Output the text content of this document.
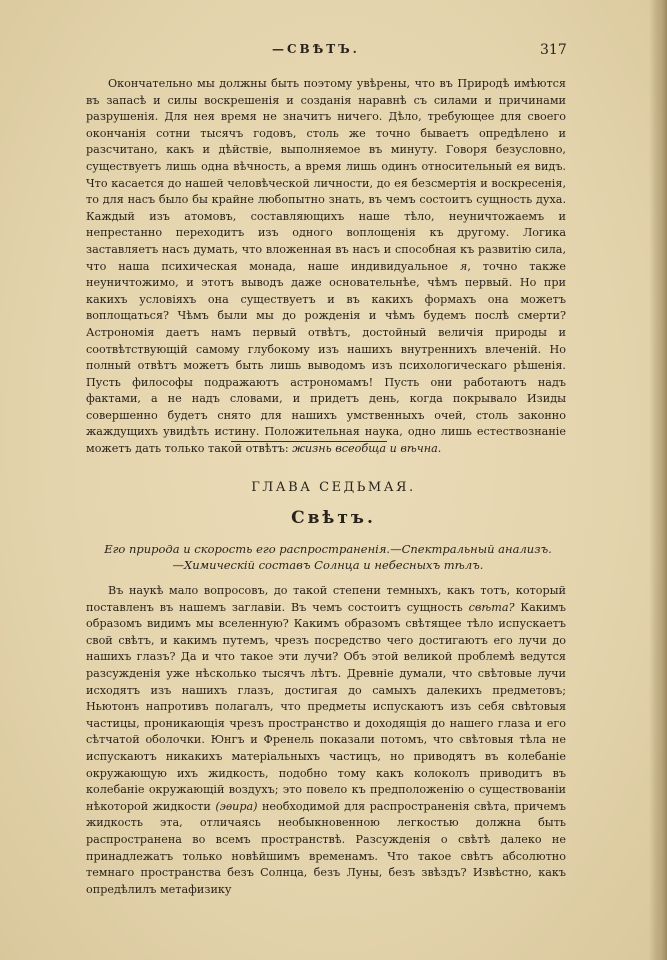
—СВѢТЪ.	317

Окончательно мы должны быть поэтому увѣрены, что въ Природѣ имѣются въ запасѣ и силы воскрешенія и созданія наравнѣ съ силами и причинами разрушенія. Для нея время не значитъ ничего. Дѣло, требующее для своего окончанія сотни тысячъ годовъ, столь же точно бываетъ опредѣлено и разсчитано, какъ и дѣйствіе, выполняемое въ минуту. Говоря безусловно, существуетъ лишь одна вѣчность, а время лишь одинъ относительный ея видъ. Что касается до нашей человѣческой личности, до ея безсмертія и воскресенія, то для насъ было бы крайне любопытно знать, въ чемъ состоитъ сущность духа. Каждый изъ атомовъ, составляющихъ наше тѣло, неуничтожаемъ и непрестанно переходитъ изъ одного воплощенія къ другому. Логика заставляетъ насъ думать, что вложенная въ насъ и способная къ развитію сила, что наша психическая монада, наше индивидуальное я, точно также неуничтожимо, и этотъ выводъ даже основательнѣе, чѣмъ первый. Но при какихъ условіяхъ она существуетъ и въ какихъ формахъ она можетъ воплощаться? Чѣмъ были мы до рожденія и чѣмъ будемъ послѣ смерти? Астрономія даетъ намъ первый отвѣтъ, достойный величія природы и соотвѣтствующій самому глубокому изъ нашихъ внутреннихъ влеченій. Но полный отвѣтъ можетъ быть лишь выводомъ изъ психологическаго рѣшенія. Пусть философы подражаютъ астрономамъ! Пусть они работаютъ надъ фактами, а не надъ словами, и придетъ день, когда покрывало Изиды совершенно будетъ снято для нашихъ умственныхъ очей, столь законно жаждущихъ увидѣть истину. Положительная наука, одно лишь естествознаніе можетъ дать только такой отвѣтъ: жизнь всеобща и вѣчна.

ГЛАВА СЕДЬМАЯ.
Свѣтъ.
Его природа и скорость его распространенія.—Спектральный анализъ.—Химическій составъ Солнца и небесныхъ тѣлъ.

Въ наукѣ мало вопросовъ, до такой степени темныхъ, какъ тотъ, который поставленъ въ нашемъ заглавіи. Въ чемъ состоитъ сущность свѣта? Какимъ образомъ видимъ мы вселенную? Какимъ образомъ свѣтящее тѣло испускаетъ свой свѣтъ, и какимъ путемъ, чрезъ посредство чего достигаютъ его лучи до нашихъ глазъ? Да и что такое эти лучи? Объ этой великой проблемѣ ведутся разсужденія уже нѣсколько тысячъ лѣтъ. Древніе думали, что свѣтовые лучи исходятъ изъ нашихъ глазъ, достигая до самыхъ далекихъ предметовъ; Ньютонъ напротивъ полагалъ, что предметы испускаютъ изъ себя свѣтовыя частицы, проникающія чрезъ пространство и доходящія до нашего глаза и его сѣтчатой оболочки. Юнгъ и Френель показали потомъ, что свѣтовыя тѣла не испускаютъ никакихъ матеріальныхъ частицъ, но приводятъ въ колебаніе окружающую ихъ жидкость, подобно тому какъ колоколъ приводитъ въ колебаніе окружающій воздухъ; это повело къ предположенію о существованіи нѣкоторой жидкости (эѳира) необходимой для распространенія свѣта, причемъ жидкость эта, отличаясь необыкновенною легкостью должна быть распространена во всемъ пространствѣ. Разсужденія о свѣтѣ далеко не принадлежатъ только новѣйшимъ временамъ. Что такое свѣтъ абсолютно темнаго пространства безъ Солнца, безъ Луны, безъ звѣздъ? Извѣстно, какъ опредѣлилъ метафизику
